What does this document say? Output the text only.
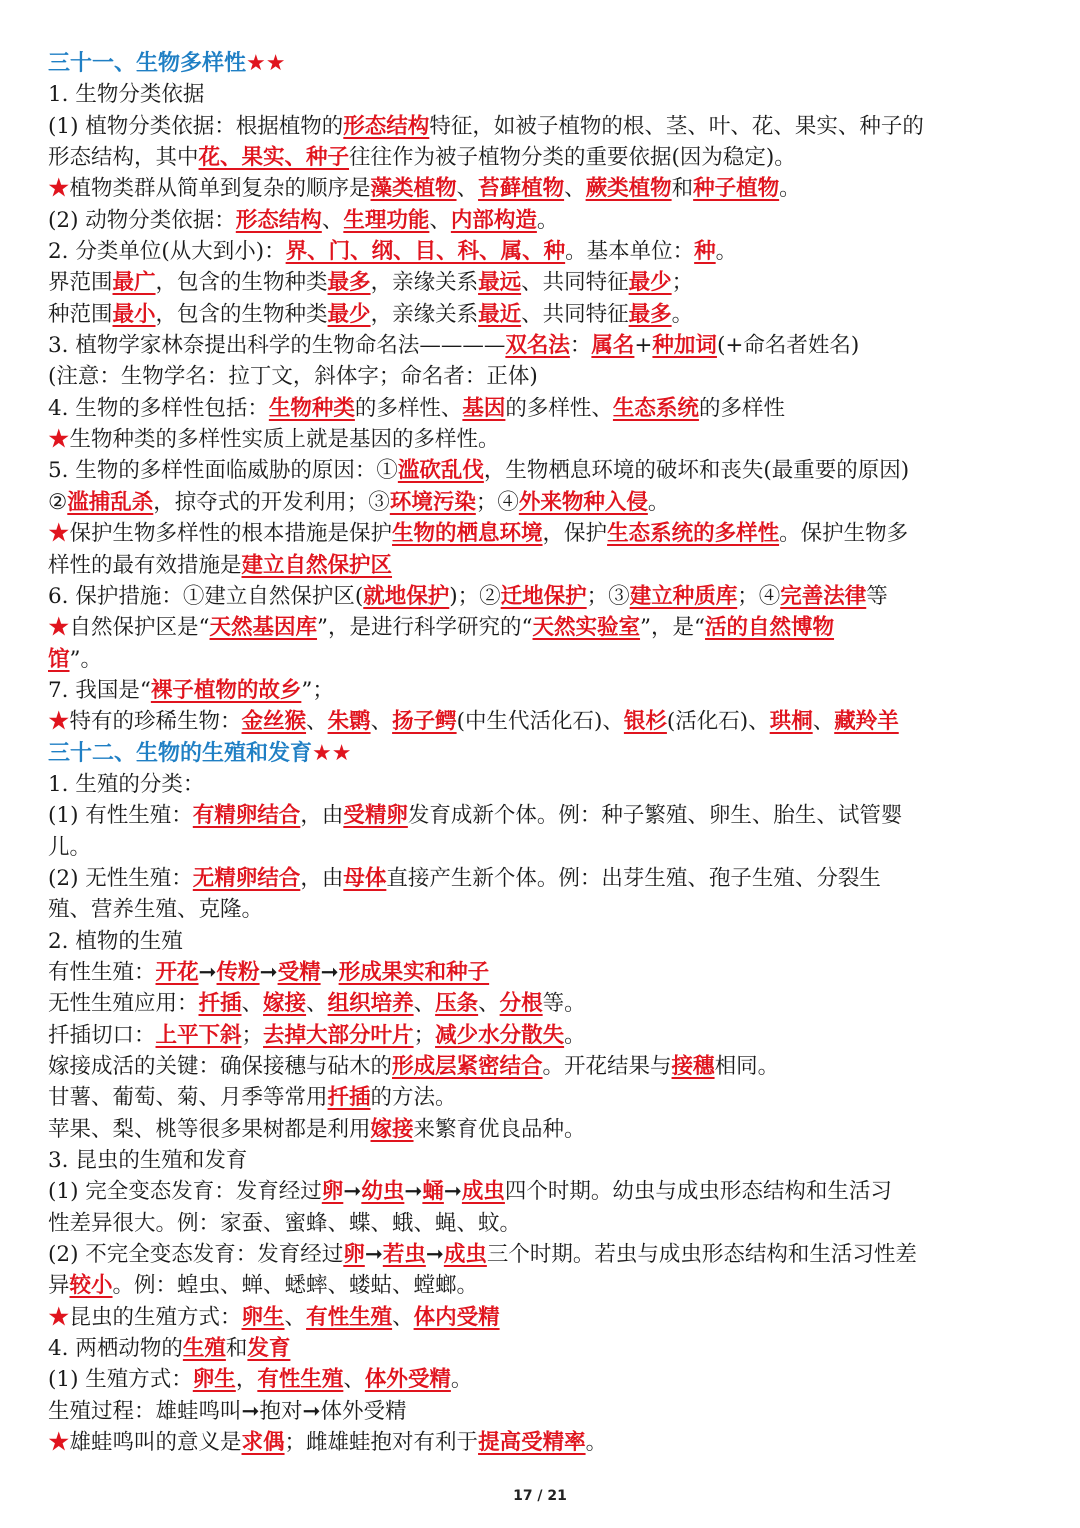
三十一、生物多样性★★
1. 生物分类依据
(1) 植物分类依据：根据植物的形态结构特征，如被子植物的根、茎、叶、花、果实、种子的
形态结构，其中花、果实、种子往往作为被子植物分类的重要依据(因为稳定)。
★植物类群从简单到复杂的顺序是藻类植物、苔藓植物、蕨类植物和种子植物。
(2) 动物分类依据：形态结构、生理功能、内部构造。
2. 分类单位(从大到小)：界、门、纲、目、科、属、种。基本单位：种。
界范围最广，包含的生物种类最多，亲缘关系最远、共同特征最少；
种范围最小，包含的生物种类最少，亲缘关系最近、共同特征最多。
3. 植物学家林奈提出科学的生物命名法————双名法：属名+种加词(+命名者姓名)
(注意：生物学名：拉丁文，斜体字；命名者：正体)
4. 生物的多样性包括：生物种类的多样性、基因的多样性、生态系统的多样性
★生物种类的多样性实质上就是基因的多样性。
5. 生物的多样性面临威胁的原因：①滥砍乱伐，生物栖息环境的破坏和丧失(最重要的原因)
②滥捕乱杀，掠夺式的开发利用；③环境污染；④外来物种入侵。
★保护生物多样性的根本措施是保护生物的栖息环境，保护生态系统的多样性。保护生物多
样性的最有效措施是建立自然保护区
6. 保护措施：①建立自然保护区(就地保护)；②迁地保护；③建立种质库；④完善法律等
★自然保护区是“天然基因库”，是进行科学研究的“天然实验室”，是“活的自然博物
馆”。
7. 我国是“裸子植物的故乡”；
★特有的珍稀生物：金丝猴、朱鹮、扬子鳄(中生代活化石)、银杉(活化石)、珙桐、藏羚羊
三十二、生物的生殖和发育★★
1. 生殖的分类：
(1) 有性生殖：有精卵结合，由受精卵发育成新个体。例：种子繁殖、卵生、胎生、试管婴
儿。
(2) 无性生殖：无精卵结合，由母体直接产生新个体。例：出芽生殖、孢子生殖、分裂生
殖、营养生殖、克隆。
2. 植物的生殖
有性生殖：开花➞传粉➞受精➞形成果实和种子
无性生殖应用：扦插、嫁接、组织培养、压条、分根等。
扦插切口：上平下斜；去掉大部分叶片；减少水分散失。
嫁接成活的关键：确保接穗与砧木的形成层紧密结合。开花结果与接穗相同。
甘薯、葡萄、菊、月季等常用扦插的方法。
苹果、梨、桃等很多果树都是利用嫁接来繁育优良品种。
3. 昆虫的生殖和发育
(1) 完全变态发育：发育经过卵➞幼虫➞蛹➞成虫四个时期。幼虫与成虫形态结构和生活习
性差异很大。例：家蚕、蜜蜂、蝶、蛾、蝇、蚊。
(2) 不完全变态发育：发育经过卵➞若虫➞成虫三个时期。若虫与成虫形态结构和生活习性差
异较小。例：蝗虫、蝉、蟋蟀、蝼蛄、螳螂。
★昆虫的生殖方式：卵生、有性生殖、体内受精
4. 两栖动物的生殖和发育
(1) 生殖方式：卵生，有性生殖、体外受精。
生殖过程：雄蛙鸣叫➞抱对➞体外受精
★雄蛙鸣叫的意义是求偶；雌雄蛙抱对有利于提高受精率。
17 / 21
